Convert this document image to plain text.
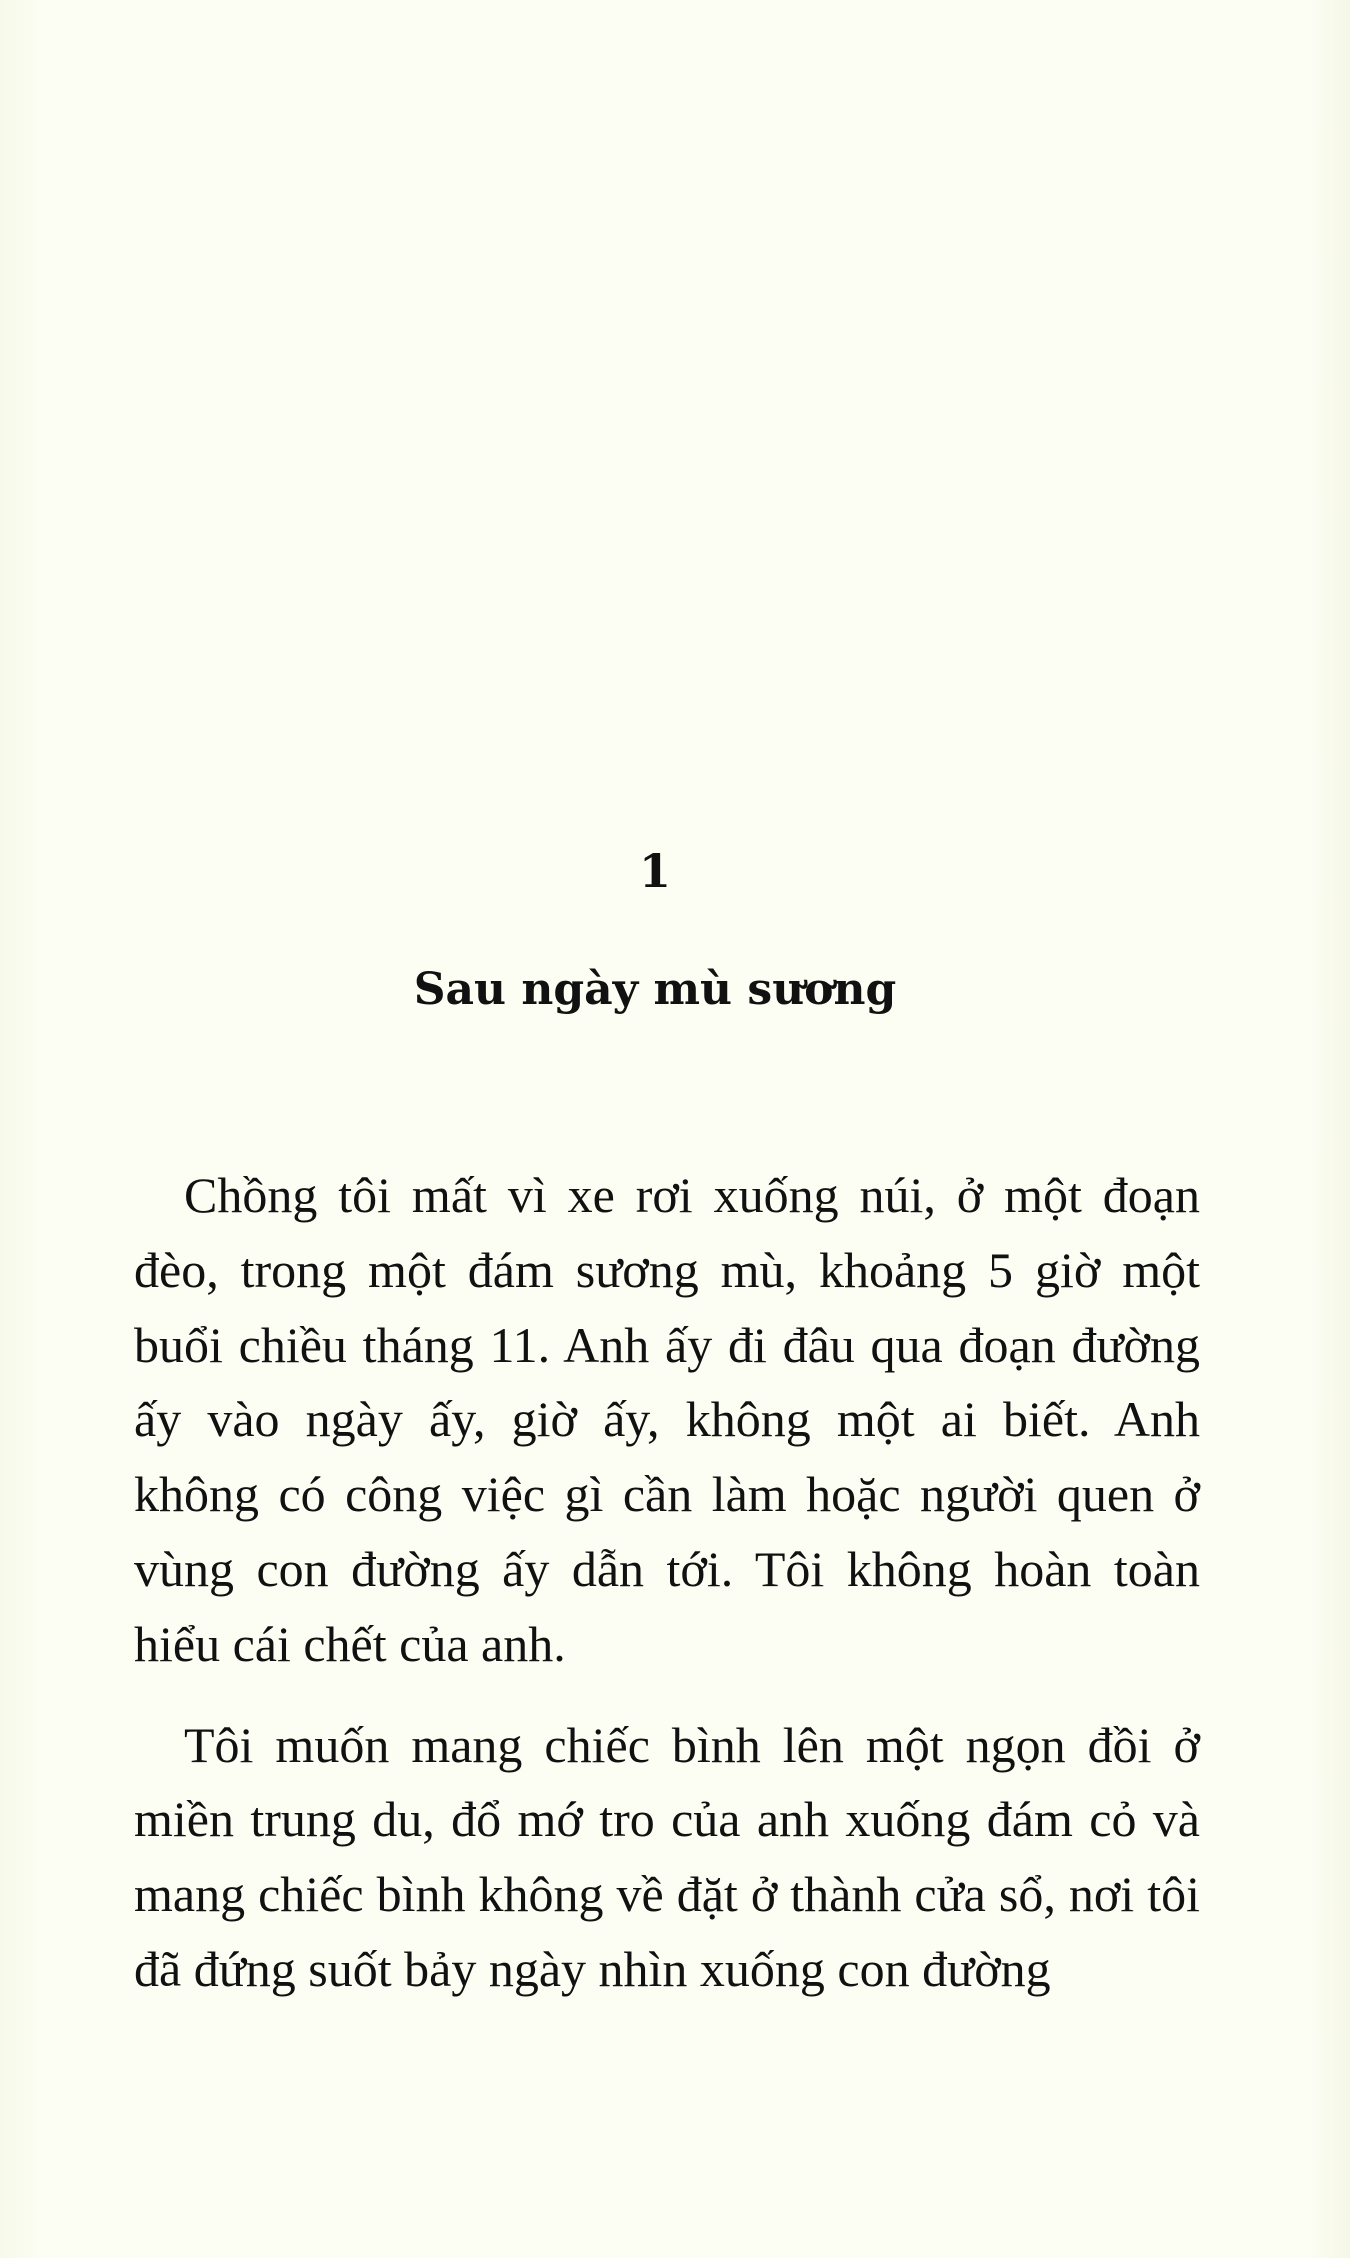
1
Sau ngày mù sương

Chồng tôi mất vì xe rơi xuống núi, ở một đoạn đèo, trong một đám sương mù, khoảng 5 giờ một buổi chiều tháng 11. Anh ấy đi đâu qua đoạn đường ấy vào ngày ấy, giờ ấy, không một ai biết. Anh không có công việc gì cần làm hoặc người quen ở vùng con đường ấy dẫn tới. Tôi không hoàn toàn hiểu cái chết của anh.

Tôi muốn mang chiếc bình lên một ngọn đồi ở miền trung du, đổ mớ tro của anh xuống đám cỏ và mang chiếc bình không về đặt ở thành cửa sổ, nơi tôi đã đứng suốt bảy ngày nhìn xuống con đường
